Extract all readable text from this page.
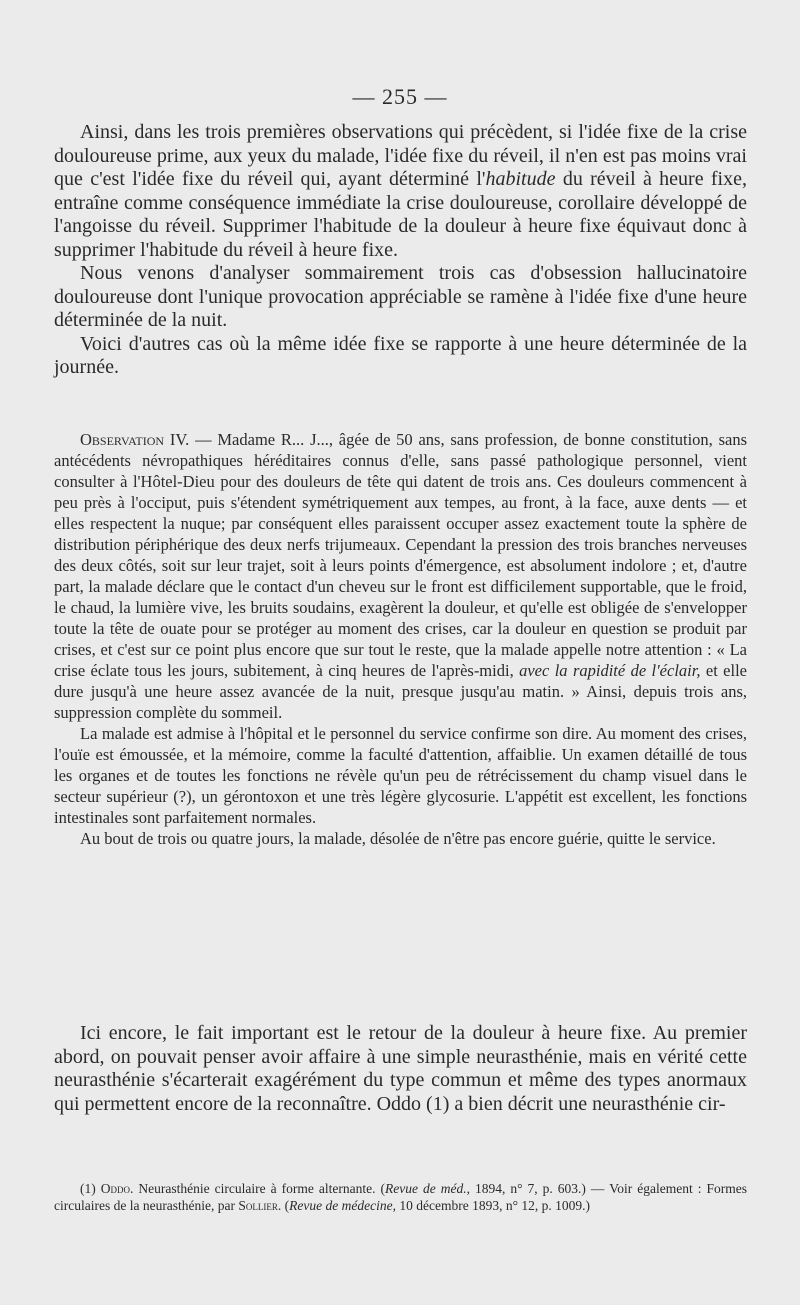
— 255 —

Ainsi, dans les trois premières observations qui précèdent, si l'idée fixe de la crise douloureuse prime, aux yeux du malade, l'idée fixe du réveil, il n'en est pas moins vrai que c'est l'idée fixe du réveil qui, ayant déterminé l'habitude du réveil à heure fixe, entraîne comme conséquence immédiate la crise douloureuse, corollaire développé de l'angoisse du réveil. Supprimer l'habitude de la douleur à heure fixe équivaut donc à supprimer l'habitude du réveil à heure fixe.

Nous venons d'analyser sommairement trois cas d'obsession hallucinatoire douloureuse dont l'unique provocation appréciable se ramène à l'idée fixe d'une heure déterminée de la nuit.

Voici d'autres cas où la même idée fixe se rapporte à une heure déterminée de la journée.

Observation IV. — Madame R... J..., âgée de 50 ans, sans profession, de bonne constitution, sans antécédents névropathiques héréditaires connus d'elle, sans passé pathologique personnel, vient consulter à l'Hôtel-Dieu pour des douleurs de tête qui datent de trois ans. Ces douleurs commencent à peu près à l'occiput, puis s'étendent symétriquement aux tempes, au front, à la face, auxe dents — et elles respectent la nuque; par conséquent elles paraissent occuper assez exactement toute la sphère de distribution périphérique des deux nerfs trijumeaux. Cependant la pression des trois branches nerveuses des deux côtés, soit sur leur trajet, soit à leurs points d'émergence, est absolument indolore ; et, d'autre part, la malade déclare que le contact d'un cheveu sur le front est difficilement supportable, que le froid, le chaud, la lumière vive, les bruits soudains, exagèrent la douleur, et qu'elle est obligée de s'envelopper toute la tête de ouate pour se protéger au moment des crises, car la douleur en question se produit par crises, et c'est sur ce point plus encore que sur tout le reste, que la malade appelle notre attention : « La crise éclate tous les jours, subitement, à cinq heures de l'après-midi, avec la rapidité de l'éclair, et elle dure jusqu'à une heure assez avancée de la nuit, presque jusqu'au matin. » Ainsi, depuis trois ans, suppression complète du sommeil.

La malade est admise à l'hôpital et le personnel du service confirme son dire. Au moment des crises, l'ouïe est émoussée, et la mémoire, comme la faculté d'attention, affaiblie. Un examen détaillé de tous les organes et de toutes les fonctions ne révèle qu'un peu de rétrécissement du champ visuel dans le secteur supérieur (?), un gérontoxon et une très légère glycosurie. L'appétit est excellent, les fonctions intestinales sont parfaitement normales.

Au bout de trois ou quatre jours, la malade, désolée de n'être pas encore guérie, quitte le service.

Ici encore, le fait important est le retour de la douleur à heure fixe. Au premier abord, on pouvait penser avoir affaire à une simple neurasthénie, mais en vérité cette neurasthénie s'écarterait exagérément du type commun et même des types anormaux qui permettent encore de la reconnaître. Oddo (1) a bien décrit une neurasthénie cir-

(1) Oddo. Neurasthénie circulaire à forme alternante. (Revue de méd., 1894, n° 7, p. 603.) — Voir également : Formes circulaires de la neurasthénie, par Sollier. (Revue de médecine, 10 décembre 1893, n° 12, p. 1009.)
